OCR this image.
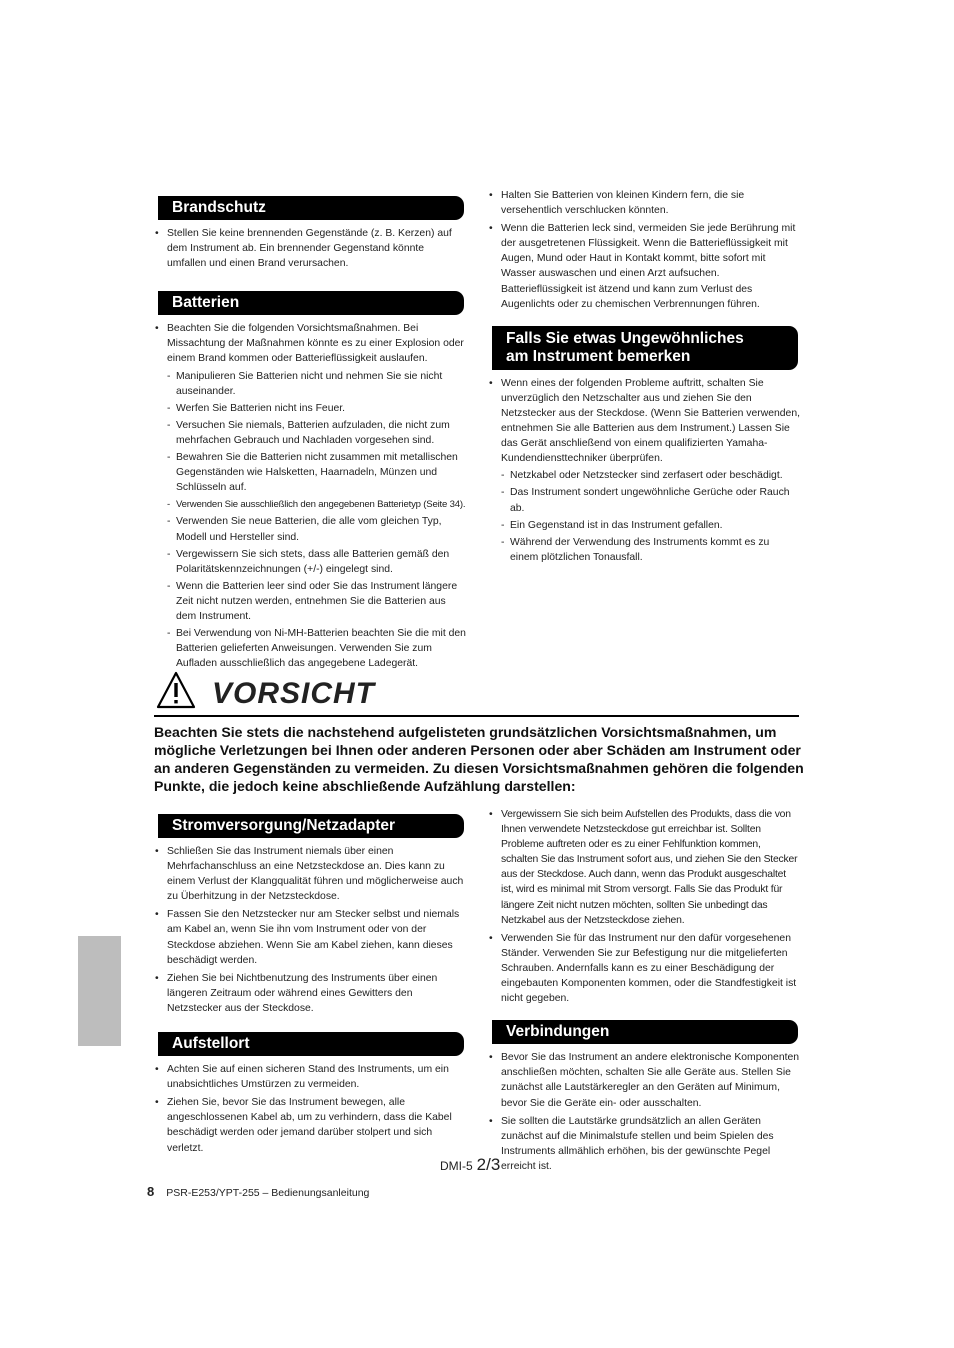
Brandschutz
• Stellen Sie keine brennenden Gegenstände (z. B. Kerzen) auf dem Instrument ab. Ein brennender Gegenstand könnte umfallen und einen Brand verursachen.
Batterien
• Beachten Sie die folgenden Vorsichtsmaßnahmen. Bei Missachtung der Maßnahmen könnte es zu einer Explosion oder einem Brand kommen oder Batterieflüssigkeit auslaufen.
- Manipulieren Sie Batterien nicht und nehmen Sie sie nicht auseinander.
- Werfen Sie Batterien nicht ins Feuer.
- Versuchen Sie niemals, Batterien aufzuladen, die nicht zum mehrfachen Gebrauch und Nachladen vorgesehen sind.
- Bewahren Sie die Batterien nicht zusammen mit metallischen Gegenständen wie Halsketten, Haarnadeln, Münzen und Schlüsseln auf.
- Verwenden Sie ausschließlich den angegebenen Batterietyp (Seite 34).
- Verwenden Sie neue Batterien, die alle vom gleichen Typ, Modell und Hersteller sind.
- Vergewissern Sie sich stets, dass alle Batterien gemäß den Polaritätskennzeichnungen (+/-) eingelegt sind.
- Wenn die Batterien leer sind oder Sie das Instrument längere Zeit nicht nutzen werden, entnehmen Sie die Batterien aus dem Instrument.
- Bei Verwendung von Ni-MH-Batterien beachten Sie die mit den Batterien gelieferten Anweisungen. Verwenden Sie zum Aufladen ausschließlich das angegebene Ladegerät.
• Halten Sie Batterien von kleinen Kindern fern, die sie versehentlich verschlucken könnten.
• Wenn die Batterien leck sind, vermeiden Sie jede Berührung mit der ausgetretenen Flüssigkeit. Wenn die Batterieflüssigkeit mit Augen, Mund oder Haut in Kontakt kommt, bitte sofort mit Wasser auswaschen und einen Arzt aufsuchen. Batterieflüssigkeit ist ätzend und kann zum Verlust des Augenlichts oder zu chemischen Verbrennungen führen.
Falls Sie etwas Ungewöhnliches
am Instrument bemerken
• Wenn eines der folgenden Probleme auftritt, schalten Sie unverzüglich den Netzschalter aus und ziehen Sie den Netzstecker aus der Steckdose. (Wenn Sie Batterien verwenden, entnehmen Sie alle Batterien aus dem Instrument.) Lassen Sie das Gerät anschließend von einem qualifizierten Yamaha-Kundendiensttechniker überprüfen.
- Netzkabel oder Netzstecker sind zerfasert oder beschädigt.
- Das Instrument sondert ungewöhnliche Gerüche oder Rauch ab.
- Ein Gegenstand ist in das Instrument gefallen.
- Während der Verwendung des Instruments kommt es zu einem plötzlichen Tonausfall.
VORSICHT
Beachten Sie stets die nachstehend aufgelisteten grundsätzlichen Vorsichtsmaßnahmen, um mögliche Verletzungen bei Ihnen oder anderen Personen oder aber Schäden am Instrument oder an anderen Gegenständen zu vermeiden. Zu diesen Vorsichtsmaßnahmen gehören die folgenden Punkte, die jedoch keine abschließende Aufzählung darstellen:
Stromversorgung/Netzadapter
• Schließen Sie das Instrument niemals über einen Mehrfachanschluss an eine Netzsteckdose an. Dies kann zu einem Verlust der Klangqualität führen und möglicherweise auch zu Überhitzung in der Netzsteckdose.
• Fassen Sie den Netzstecker nur am Stecker selbst und niemals am Kabel an, wenn Sie ihn vom Instrument oder von der Steckdose abziehen. Wenn Sie am Kabel ziehen, kann dieses beschädigt werden.
• Ziehen Sie bei Nichtbenutzung des Instruments über einen längeren Zeitraum oder während eines Gewitters den Netzstecker aus der Steckdose.
Aufstellort
• Achten Sie auf einen sicheren Stand des Instruments, um ein unabsichtliches Umstürzen zu vermeiden.
• Ziehen Sie, bevor Sie das Instrument bewegen, alle angeschlossenen Kabel ab, um zu verhindern, dass die Kabel beschädigt werden oder jemand darüber stolpert und sich verletzt.
• Vergewissern Sie sich beim Aufstellen des Produkts, dass die von Ihnen verwendete Netzsteckdose gut erreichbar ist. Sollten Probleme auftreten oder es zu einer Fehlfunktion kommen, schalten Sie das Instrument sofort aus, und ziehen Sie den Stecker aus der Steckdose. Auch dann, wenn das Produkt ausgeschaltet ist, wird es minimal mit Strom versorgt. Falls Sie das Produkt für längere Zeit nicht nutzen möchten, sollten Sie unbedingt das Netzkabel aus der Netzsteckdose ziehen.
• Verwenden Sie für das Instrument nur den dafür vorgesehenen Ständer. Verwenden Sie zur Befestigung nur die mitgelieferten Schrauben. Andernfalls kann es zu einer Beschädigung der eingebauten Komponenten kommen, oder die Standfestigkeit ist nicht gegeben.
Verbindungen
• Bevor Sie das Instrument an andere elektronische Komponenten anschließen möchten, schalten Sie alle Geräte aus. Stellen Sie zunächst alle Lautstärkeregler an den Geräten auf Minimum, bevor Sie die Geräte ein- oder ausschalten.
• Sie sollten die Lautstärke grundsätzlich an allen Geräten zunächst auf die Minimalstufe stellen und beim Spielen des Instruments allmählich erhöhen, bis der gewünschte Pegel erreicht ist.
DMI-5 2/3
8 PSR-E253/YPT-255 – Bedienungsanleitung
